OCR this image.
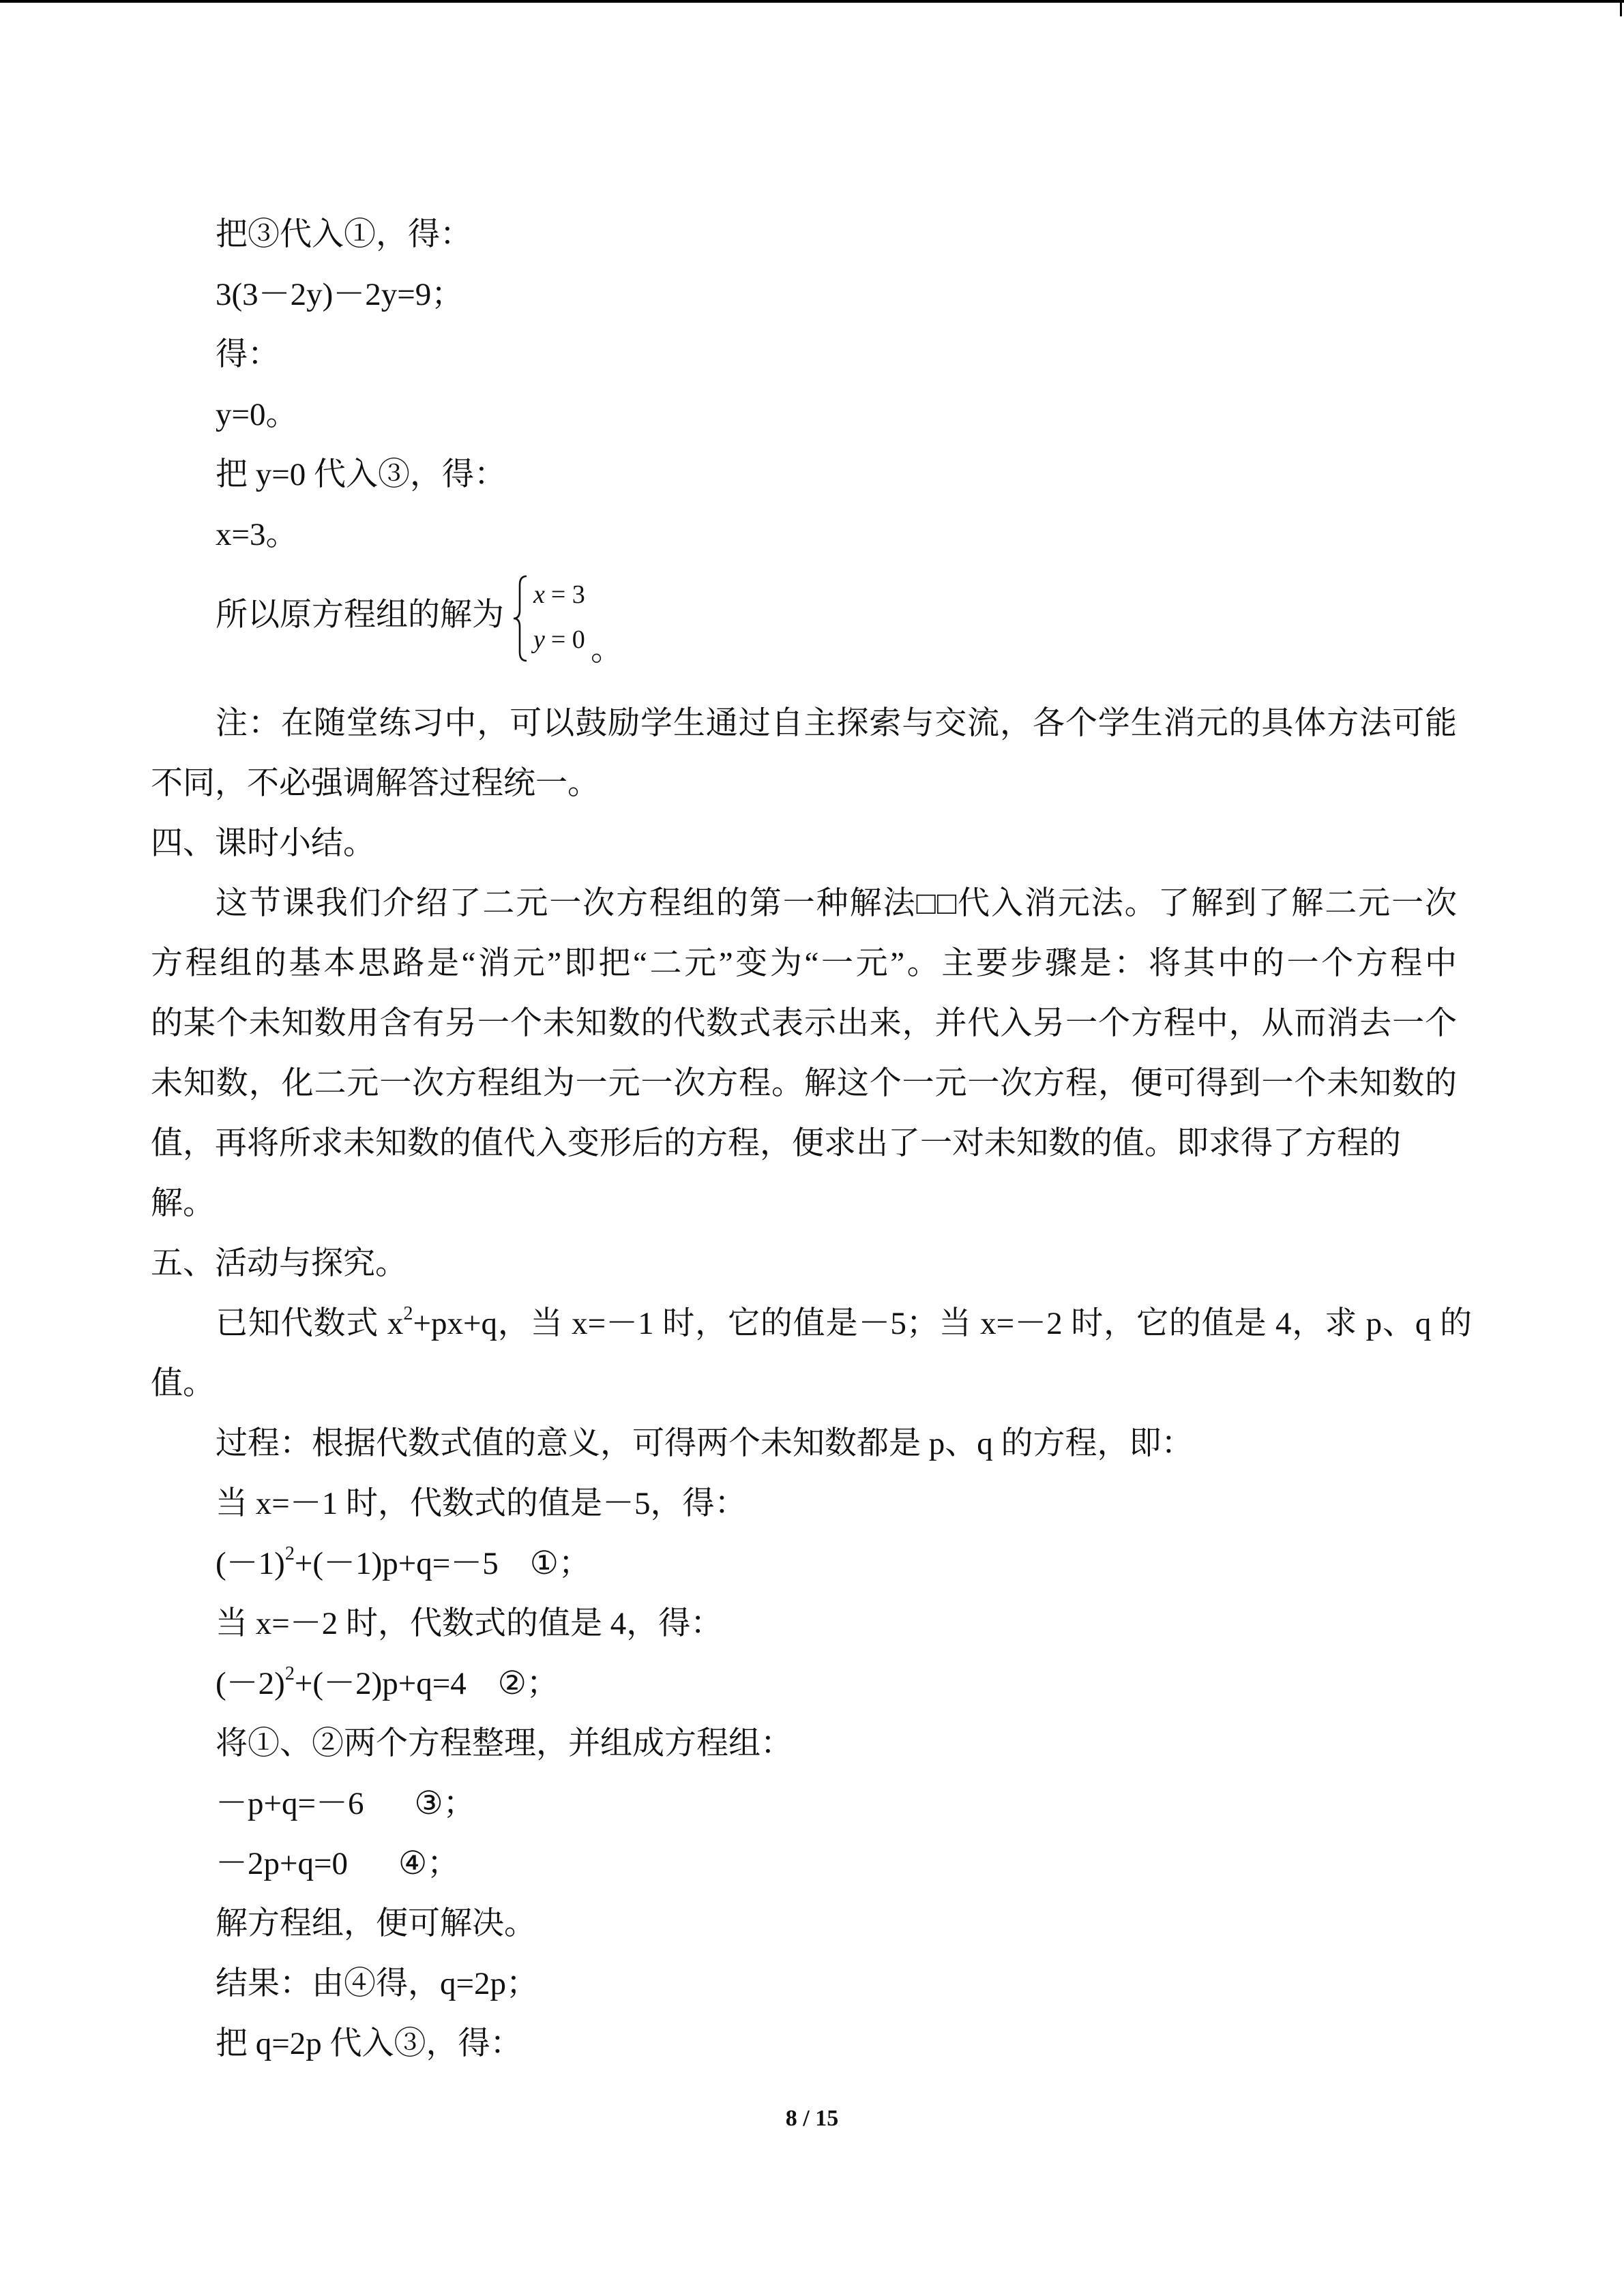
把③代入①，得：
3(3－2y)－2y=9；
得：
y=0。
把 y=0 代入③，得：
x=3。
所以原方程组的解为
x = 3
y = 0 。
注：在随堂练习中，可以鼓励学生通过自主探索与交流，各个学生消元的具体方法可能
不同，不必强调解答过程统一。
四、课时小结。
这节课我们介绍了二元一次方程组的第一种解法□□代入消元法。了解到了解二元一次
方程组的基本思路是“消元”即把“二元”变为“一元”。主要步骤是：将其中的一个方程中
的某个未知数用含有另一个未知数的代数式表示出来，并代入另一个方程中，从而消去一个
未知数，化二元一次方程组为一元一次方程。解这个一元一次方程，便可得到一个未知数的
值，再将所求未知数的值代入变形后的方程，便求出了一对未知数的值。即求得了方程的
解。
五、活动与探究。
已知代数式 $x^2+px+q$，当 x=－1 时，它的值是－5；当 x=－2 时，它的值是 4，求 p、q 的
值。
过程：根据代数式值的意义，可得两个未知数都是 p、q 的方程，即：
当 x=－1 时，代数式的值是－5，得：
$(-1)^2+(-1)p+q=-5$ ①；
当 x=－2 时，代数式的值是 4，得：
$(-2)^2+(-2)p+q=4$ ②；
将①、②两个方程整理，并组成方程组：
－p+q=－6 ③；
－2p+q=0 ④；
解方程组，便可解决。
结果：由④得，q=2p；
把 q=2p 代入③，得：
8 / 15
